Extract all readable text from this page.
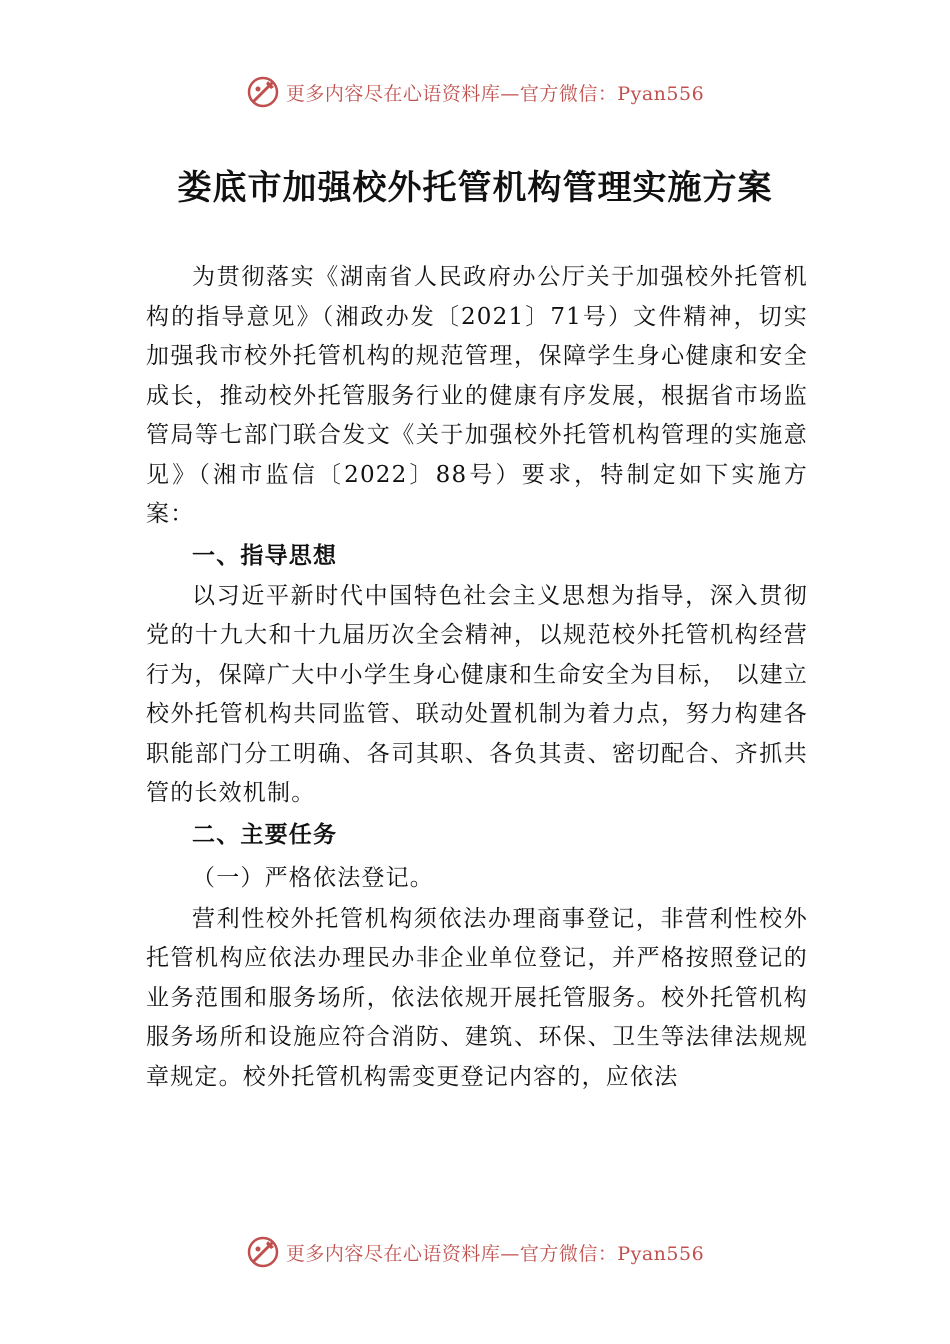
更多内容尽在心语资料库—官方微信：Pyan556
娄底市加强校外托管机构管理实施方案

为贯彻落实《湖南省人民政府办公厅关于加强校外托管机构的指导意见》（湘政办发〔2021〕71号）文件精神，切实加强我市校外托管机构的规范管理，保障学生身心健康和安全成长，推动校外托管服务行业的健康有序发展，根据省市场监管局等七部门联合发文《关于加强校外托管机构管理的实施意见》（湘市监信〔2022〕88号）要求，特制定如下实施方案：

一、指导思想

以习近平新时代中国特色社会主义思想为指导，深入贯彻党的十九大和十九届历次全会精神，以规范校外托管机构经营行为，保障广大中小学生身心健康和生命安全为目标， 以建立校外托管机构共同监管、联动处置机制为着力点，努力构建各职能部门分工明确、各司其职、各负其责、密切配合、齐抓共管的长效机制。

二、主要任务
（一）严格依法登记。

营利性校外托管机构须依法办理商事登记，非营利性校外托管机构应依法办理民办非企业单位登记，并严格按照登记的业务范围和服务场所，依法依规开展托管服务。校外托管机构服务场所和设施应符合消防、建筑、环保、卫生等法律法规规章规定。校外托管机构需变更登记内容的，应依法

更多内容尽在心语资料库—官方微信：Pyan556
